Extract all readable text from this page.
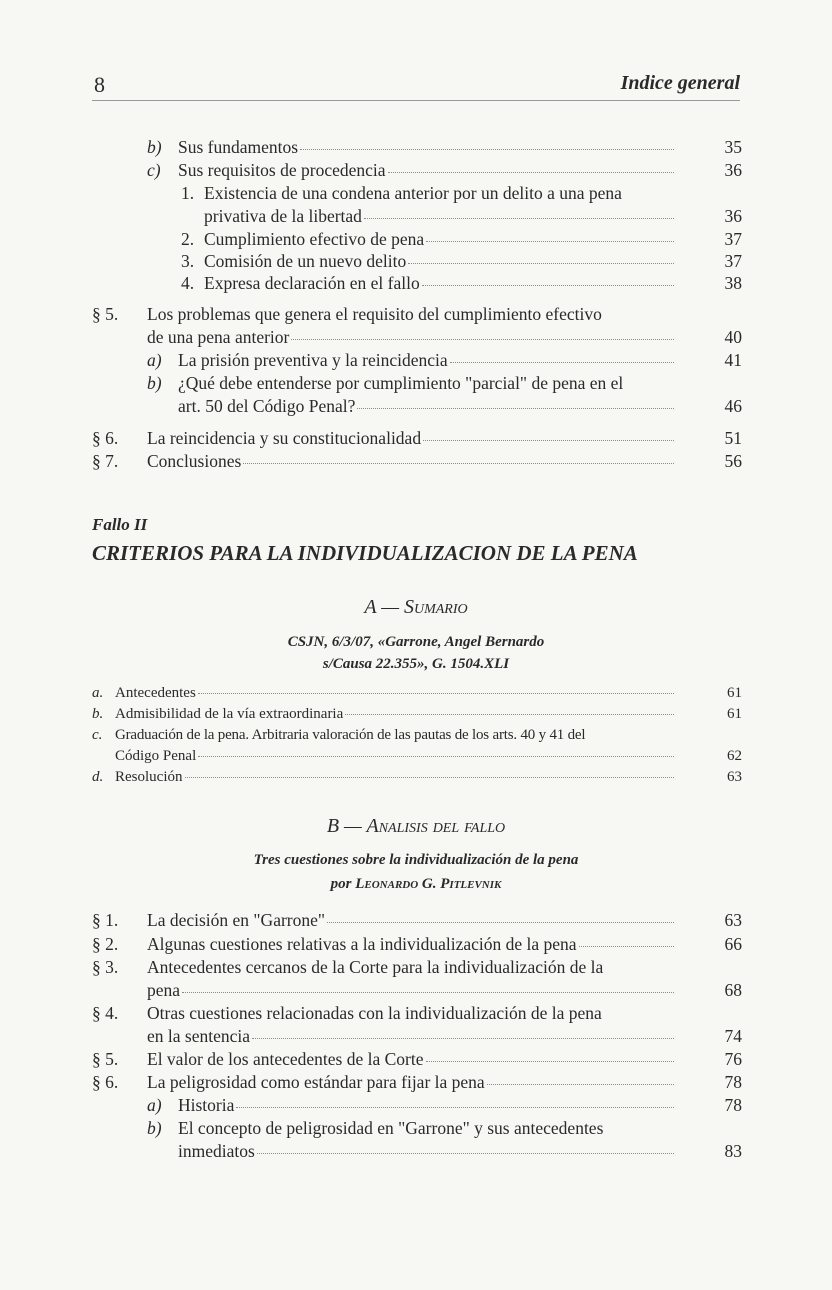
8	Indice general
b) Sus fundamentos	35
c) Sus requisitos de procedencia	36
1. Existencia de una condena anterior por un delito a una pena
privativa de la libertad	36
2. Cumplimiento efectivo de pena	37
3. Comisión de un nuevo delito	37
4. Expresa declaración en el fallo	38
§ 5. Los problemas que genera el requisito del cumplimiento efectivo
de una pena anterior	40
a) La prisión preventiva y la reincidencia	41
b) ¿Qué debe entenderse por cumplimiento "parcial" de pena en el
art. 50 del Código Penal?	46
§ 6. La reincidencia y su constitucionalidad	51
§ 7. Conclusiones	56
Fallo II
CRITERIOS PARA LA INDIVIDUALIZACION DE LA PENA
A — Sumario
CSJN, 6/3/07, «Garrone, Angel Bernardo
s/Causa 22.355», G. 1504.XLI
a. Antecedentes	61
b. Admisibilidad de la vía extraordinaria	61
c. Graduación de la pena. Arbitraria valoración de las pautas de los arts. 40 y 41 del
Código Penal	62
d. Resolución	63
B — Analisis del fallo
Tres cuestiones sobre la individualización de la pena
por Leonardo G. Pitlevnik
§ 1. La decisión en "Garrone"	63
§ 2. Algunas cuestiones relativas a la individualización de la pena	66
§ 3. Antecedentes cercanos de la Corte para la individualización de la
pena	68
§ 4. Otras cuestiones relacionadas con la individualización de la pena
en la sentencia	74
§ 5. El valor de los antecedentes de la Corte	76
§ 6. La peligrosidad como estándar para fijar la pena	78
a) Historia	78
b) El concepto de peligrosidad en "Garrone" y sus antecedentes
inmediatos	83
